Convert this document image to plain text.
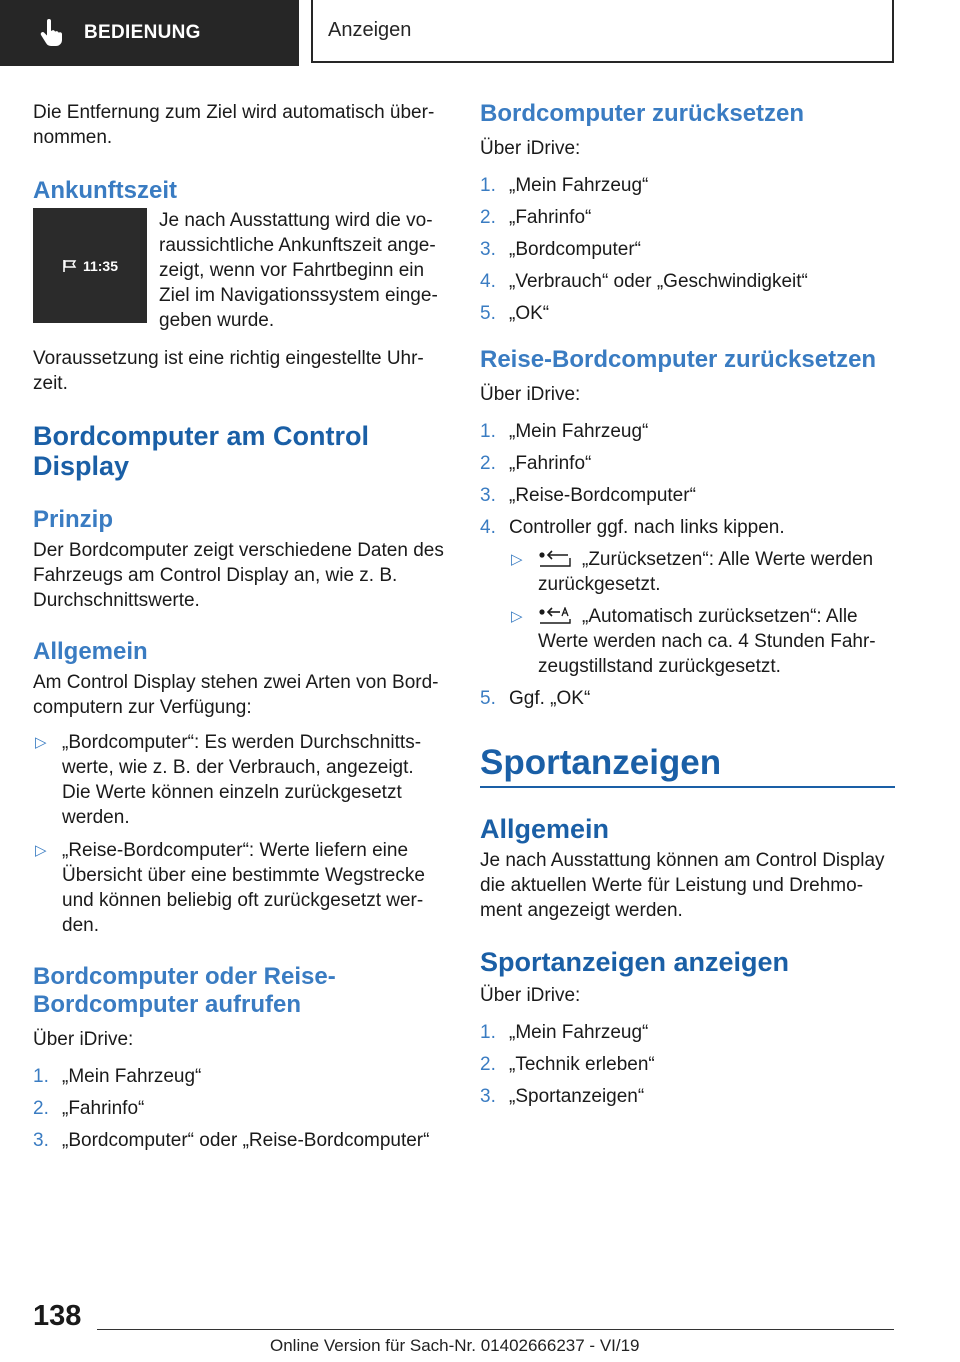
BEDIENUNG	Anzeigen

Die Entfernung zum Ziel wird automatisch über-nommen.

Ankunftszeit
11:35

Je nach Ausstattung wird die vo-raussichtliche Ankunftszeit ange-zeigt, wenn vor Fahrtbeginn ein Ziel im Navigationssystem einge-geben wurde.

Voraussetzung ist eine richtig eingestellte Uhr-zeit.

Bordcomputer am Control Display
Prinzip

Der Bordcomputer zeigt verschiedene Daten des Fahrzeugs am Control Display an, wie z. B. Durchschnittswerte.

Allgemein

Am Control Display stehen zwei Arten von Bord-computern zur Verfügung:

▷ „Bordcomputer“: Es werden Durchschnitts-werte, wie z. B. der Verbrauch, angezeigt. Die Werte können einzeln zurückgesetzt werden.
▷ „Reise-Bordcomputer“: Werte liefern eine Übersicht über eine bestimmte Wegstrecke und können beliebig oft zurückgesetzt wer-den.
Bordcomputer oder Reise-Bordcomputer aufrufen

Über iDrive:

1. „Mein Fahrzeug“
2. „Fahrinfo“
3. „Bordcomputer“ oder „Reise-Bordcomputer“
Bordcomputer zurücksetzen

Über iDrive:

1. „Mein Fahrzeug“
2. „Fahrinfo“
3. „Bordcomputer“
4. „Verbrauch“ oder „Geschwindigkeit“
5. „OK“
Reise-Bordcomputer zurücksetzen

Über iDrive:

1. „Mein Fahrzeug“
2. „Fahrinfo“
3. „Reise-Bordcomputer“
4. Controller ggf. nach links kippen.
▷	„Zurücksetzen“: Alle Werte werden zurückgesetzt.
▷	„Automatisch zurücksetzen“: Alle Werte werden nach ca. 4 Stunden Fahr-zeugstillstand zurückgesetzt.
5. Ggf. „OK“
Sportanzeigen
Allgemein

Je nach Ausstattung können am Control Display die aktuellen Werte für Leistung und Drehmo-ment angezeigt werden.

Sportanzeigen anzeigen

Über iDrive:

1. „Mein Fahrzeug“
2. „Technik erleben“
3. „Sportanzeigen“
138
Online Version für Sach-Nr. 01402666237 - VI/19
